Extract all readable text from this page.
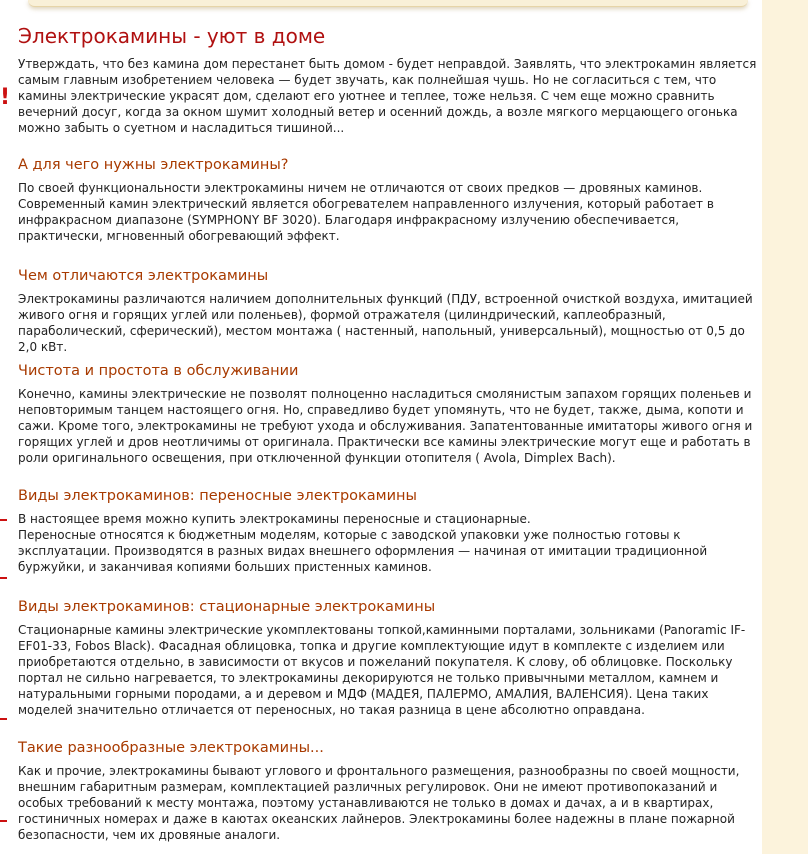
!
Электрокамины - уют в доме

Утверждать, что без камина дом перестанет быть домом - будет неправдой. Заявлять, что электрокамин является самым главным изобретением человека — будет звучать, как полнейшая чушь. Но не согласиться с тем, что камины электрические украсят дом, сделают его уютнее и теплее, тоже нельзя. С чем еще можно сравнить вечерний досуг, когда за окном шумит холодный ветер и осенний дождь, а возле мягкого мерцающего огонька можно забыть о суетном и насладиться тишиной...

А для чего нужны электрокамины?

По своей функциональности электрокамины ничем не отличаются от своих предков — дровяных каминов. Современный камин электрический является обогревателем направленного излучения, который работает в инфракрасном диапазоне (SYMPHONY BF 3020). Благодаря инфракрасному излучению обеспечивается, практически, мгновенный обогревающий эффект.

Чем отличаются электрокамины

Электрокамины различаются наличием дополнительных функций (ПДУ, встроенной очисткой воздуха, имитацией живого огня и горящих углей или поленьев), формой отражателя (цилиндрический, каплеобразный, параболический, сферический), местом монтажа ( настенный, напольный, универсальный), мощностью от 0,5 до 2,0 кВт.

Чистота и простота в обслуживании

Конечно, камины электрические не позволят полноценно насладиться смолянистым запахом горящих поленьев и неповторимым танцем настоящего огня. Но, справедливо будет упомянуть, что не будет, также, дыма, копоти и сажи. Кроме того, электрокамины не требуют ухода и обслуживания. Запатентованные имитаторы живого огня и горящих углей и дров неотличимы от оригинала. Практически все камины электрические могут еще и работать в роли оригинального освещения, при отключенной функции отопителя ( Avola, Dimplex Bach).

Виды электрокаминов: переносные электрокамины

В настоящее время можно купить электрокамины переносные и стационарные.

Переносные относятся к бюджетным моделям, которые с заводской упаковки уже полностью готовы к эксплуатации. Производятся в разных видах внешнего оформления — начиная от имитации традиционной буржуйки, и заканчивая копиями больших пристенных каминов.

Виды электрокаминов: стационарные электрокамины

Стационарные камины электрические укомплектованы топкой,каминными порталами, зольниками (Panoramic IF-EF01-33, Fobos Black). Фасадная облицовка, топка и другие комплектующие идут в комплекте с изделием или приобретаются отдельно, в зависимости от вкусов и пожеланий покупателя. К слову, об облицовке. Поскольку портал не сильно нагревается, то электрокамины декорируются не только привычными металлом, камнем и натуральными горными породами, а и деревом и МДФ (МАДЕЯ, ПАЛЕРМО, АМАЛИЯ, ВАЛЕНСИЯ). Цена таких моделей значительно отличается от переносных, но такая разница в цене абсолютно оправдана.

Такие разнообразные электрокамины...

Как и прочие, электрокамины бывают углового и фронтального размещения, разнообразны по своей мощности, внешним габаритным размерам, комплектацией различных регулировок. Они не имеют противопоказаний и особых требований к месту монтажа, поэтому устанавливаются не только в домах и дачах, а и в квартирах, гостиничных номерах и даже в каютах океанских лайнеров. Электрокамины более надежны в плане пожарной безопасности, чем их дровяные аналоги.
